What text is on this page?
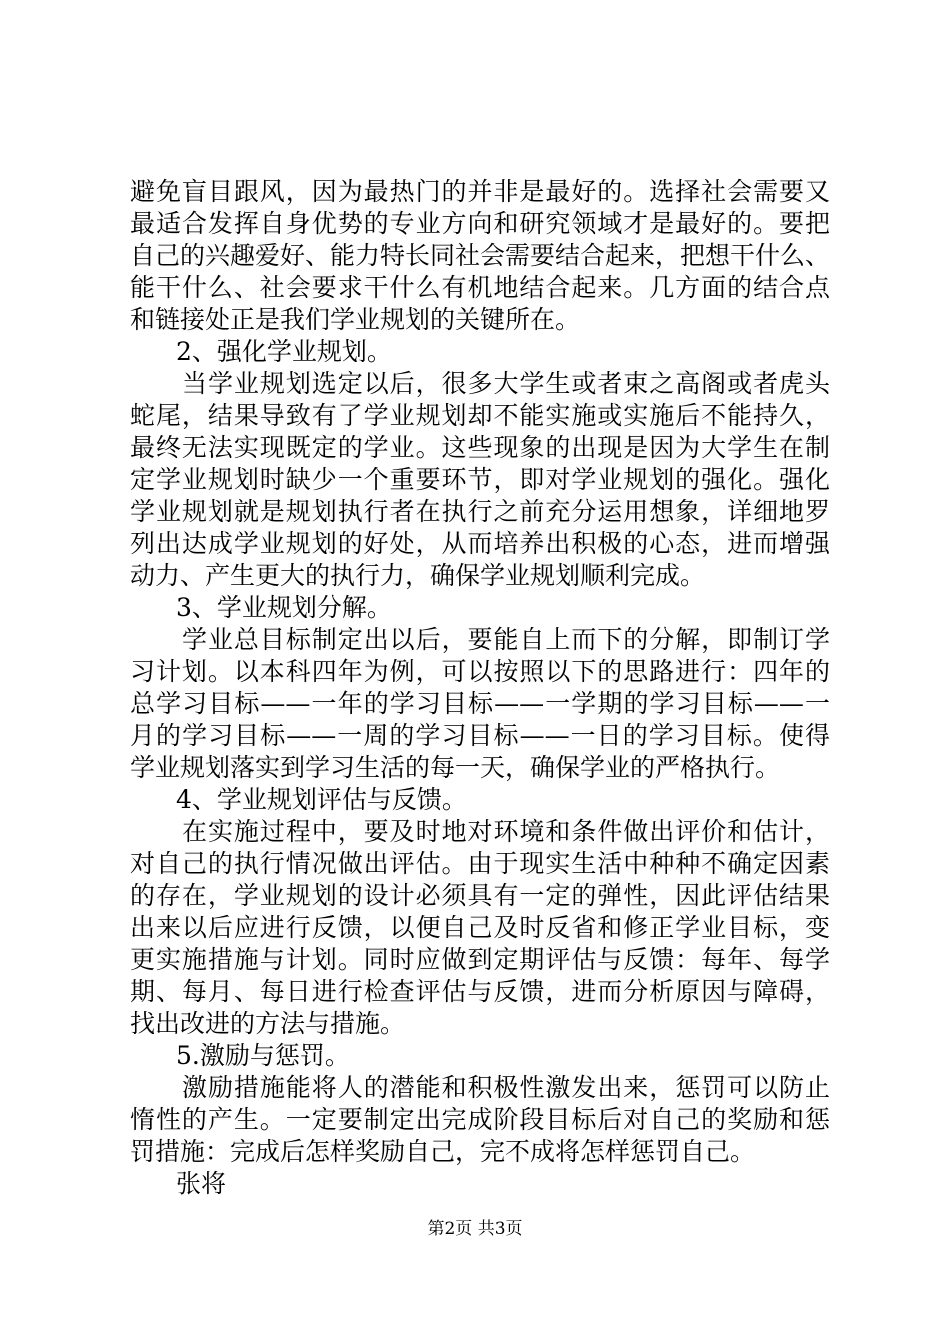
避免盲目跟风，因为最热门的并非是最好的。选择社会需要又
最适合发挥自身优势的专业方向和研究领域才是最好的。要把
自己的兴趣爱好、能力特长同社会需要结合起来，把想干什么、
能干什么、社会要求干什么有机地结合起来。几方面的结合点
和链接处正是我们学业规划的关键所在。
2、强化学业规划。
当学业规划选定以后，很多大学生或者束之高阁或者虎头
蛇尾，结果导致有了学业规划却不能实施或实施后不能持久，
最终无法实现既定的学业。这些现象的出现是因为大学生在制
定学业规划时缺少一个重要环节，即对学业规划的强化。强化
学业规划就是规划执行者在执行之前充分运用想象，详细地罗
列出达成学业规划的好处，从而培养出积极的心态，进而增强
动力、产生更大的执行力，确保学业规划顺利完成。
3、学业规划分解。
学业总目标制定出以后，要能自上而下的分解，即制订学
习计划。以本科四年为例，可以按照以下的思路进行：四年的
总学习目标——一年的学习目标——一学期的学习目标——一
月的学习目标——一周的学习目标——一日的学习目标。使得
学业规划落实到学习生活的每一天，确保学业的严格执行。
4、学业规划评估与反馈。
在实施过程中，要及时地对环境和条件做出评价和估计，
对自己的执行情况做出评估。由于现实生活中种种不确定因素
的存在，学业规划的设计必须具有一定的弹性，因此评估结果
出来以后应进行反馈，以便自己及时反省和修正学业目标，变
更实施措施与计划。同时应做到定期评估与反馈：每年、每学
期、每月、每日进行检查评估与反馈，进而分析原因与障碍，
找出改进的方法与措施。
5.激励与惩罚。
激励措施能将人的潜能和积极性激发出来，惩罚可以防止
惰性的产生。一定要制定出完成阶段目标后对自己的奖励和惩
罚措施：完成后怎样奖励自己，完不成将怎样惩罚自己。
张将
第2页 共3页
